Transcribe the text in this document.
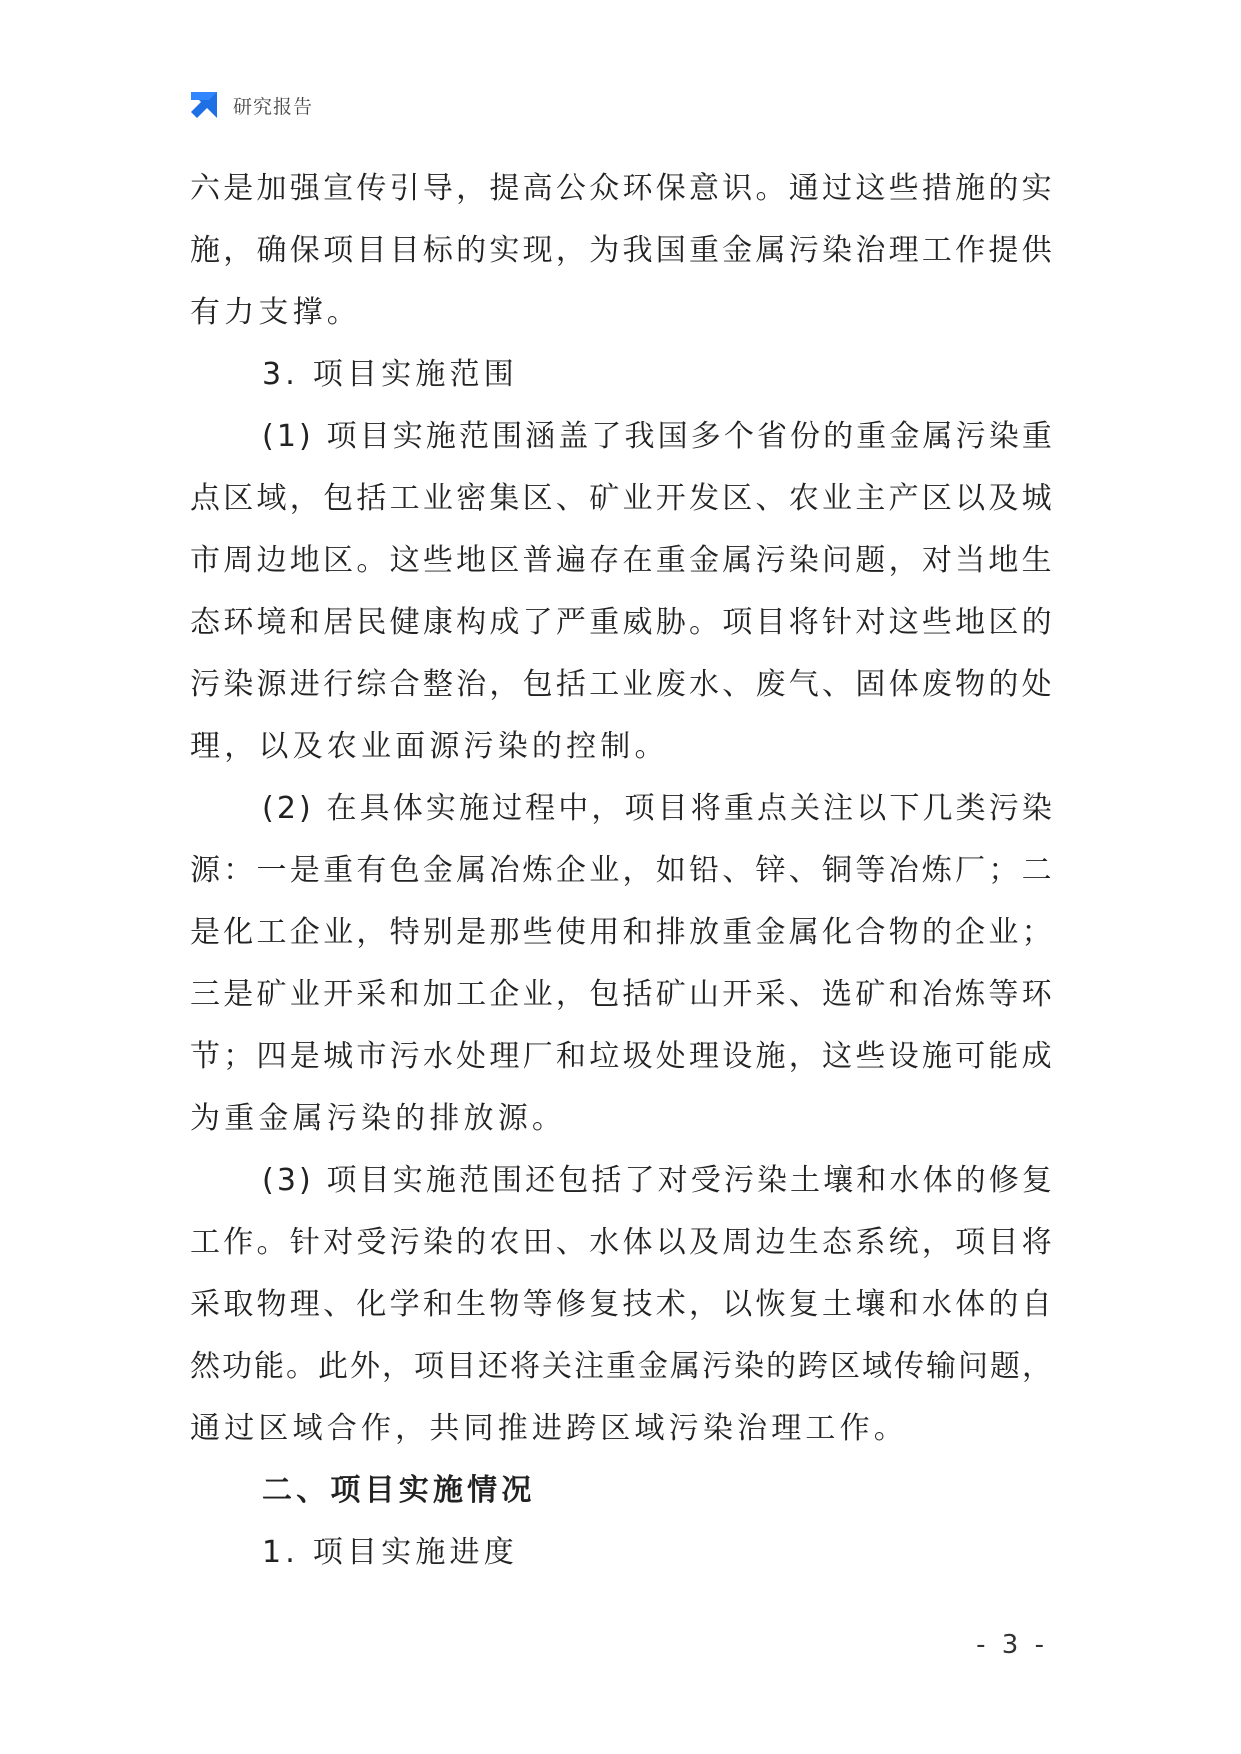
研究报告
六 是 加 强 宣 传 引 导 ， 提 高 公 众 环 保 意 识 。 通 过 这 些 措 施 的 实
施 ， 确 保 项 目 目 标 的 实 现 ， 为 我 国 重 金 属 污 染 治 理 工 作 提 供
有 力 支 撑 。
3 .
项 目 实 施 范 围
( 1 )
项 目 实 施 范 围 涵 盖 了 我 国 多 个 省 份 的 重 金 属 污 染 重
点 区 域 ， 包 括 工 业 密 集 区 、 矿 业 开 发 区 、 农 业 主 产 区 以 及 城
市 周 边 地 区 。 这 些 地 区 普 遍 存 在 重 金 属 污 染 问 题 ， 对 当 地 生
态 环 境 和 居 民 健 康 构 成 了 严 重 威 胁 。 项 目 将 针 对 这 些 地 区 的
污 染 源 进 行 综 合 整 治 ， 包 括 工 业 废 水 、 废 气 、 固 体 废 物 的 处
理 ， 以 及 农 业 面 源 污 染 的 控 制 。
( 2 )
在 具 体 实 施 过 程 中 ， 项 目 将 重 点 关 注 以 下 几 类 污 染
源 ： 一 是 重 有 色 金 属 冶 炼 企 业 ， 如 铅 、 锌 、 铜 等 冶 炼 厂 ； 二
是 化 工 企 业 ， 特 别 是 那 些 使 用 和 排 放 重 金 属 化 合 物 的 企 业 ；
三 是 矿 业 开 采 和 加 工 企 业 ， 包 括 矿 山 开 采 、 选 矿 和 冶 炼 等 环
节 ； 四 是 城 市 污 水 处 理 厂 和 垃 圾 处 理 设 施 ， 这 些 设 施 可 能 成
为 重 金 属 污 染 的 排 放 源 。
( 3 )
项 目 实 施 范 围 还 包 括 了 对 受 污 染 土 壤 和 水 体 的 修 复
工 作 。 针 对 受 污 染 的 农 田 、 水 体 以 及 周 边 生 态 系 统 ， 项 目 将
采 取 物 理 、 化 学 和 生 物 等 修 复 技 术 ， 以 恢 复 土 壤 和 水 体 的 自
然 功 能 。 此 外 ， 项 目 还 将 关 注 重 金 属 污 染 的 跨 区 域 传 输 问 题 ，
通 过 区 域 合 作 ， 共 同 推 进 跨 区 域 污 染 治 理 工 作 。
二 、 项 目 实 施 情 况
1 .
项 目 实 施 进 度
- 3 -
